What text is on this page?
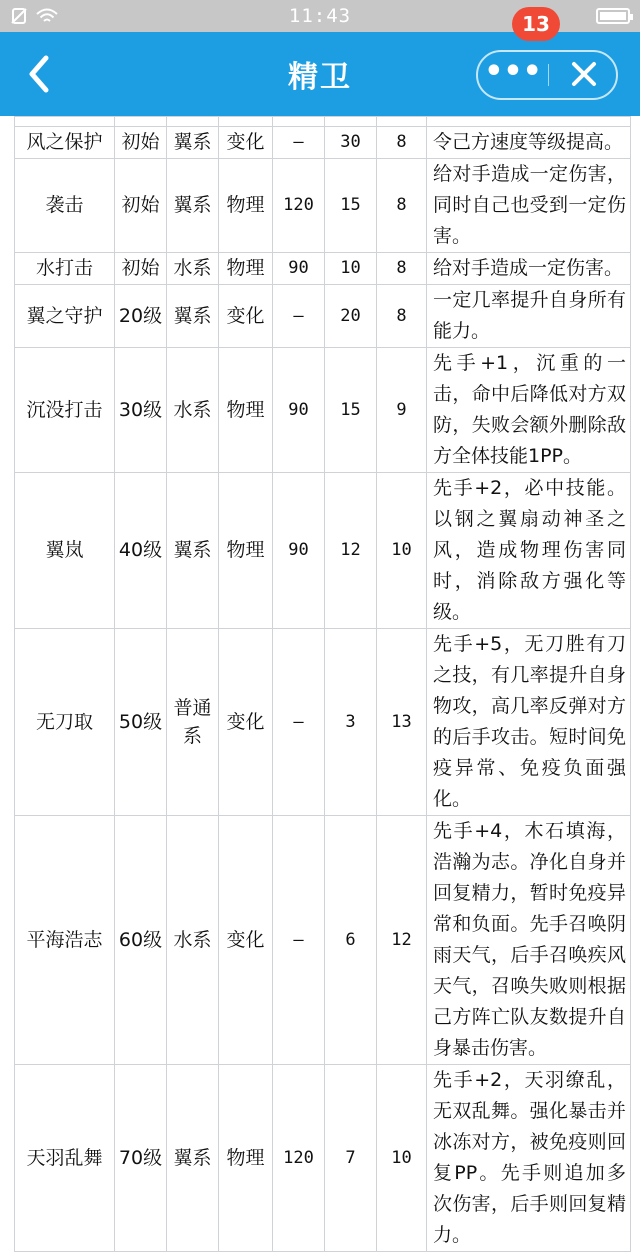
11:43
精卫	•••
13

风之保护	初始	翼系	变化	—	30	8	令己方速度等级提高。
袭击	初始	翼系	物理	120	15	8	给对手造成一定伤害，同时自己也受到一定伤害。
水打击	初始	水系	物理	90	10	8	给对手造成一定伤害。
翼之守护	20级	翼系	变化	—	20	8	一定几率提升自身所有能力。
沉没打击	30级	水系	物理	90	15	9	先手+1，沉重的一击，命中后降低对方双防，失败会额外删除敌方全体技能1PP。
翼岚	40级	翼系	物理	90	12	10	先手+2，必中技能。以钢之翼扇动神圣之风，造成物理伤害同时，消除敌方强化等级。
无刀取	50级	普通系	变化	—	3	13	先手+5，无刀胜有刀之技，有几率提升自身物攻，高几率反弹对方的后手攻击。短时间免疫异常、免疫负面强化。
平海浩志	60级	水系	变化	—	6	12	先手+4，木石填海，浩瀚为志。净化自身并回复精力，暂时免疫异常和负面。先手召唤阴雨天气，后手召唤疾风天气，召唤失败则根据己方阵亡队友数提升自身暴击伤害。
天羽乱舞	70级	翼系	物理	120	7	10	先手+2，天羽缭乱，无双乱舞。强化暴击并冰冻对方，被免疫则回复PP。先手则追加多次伤害，后手则回复精力。
